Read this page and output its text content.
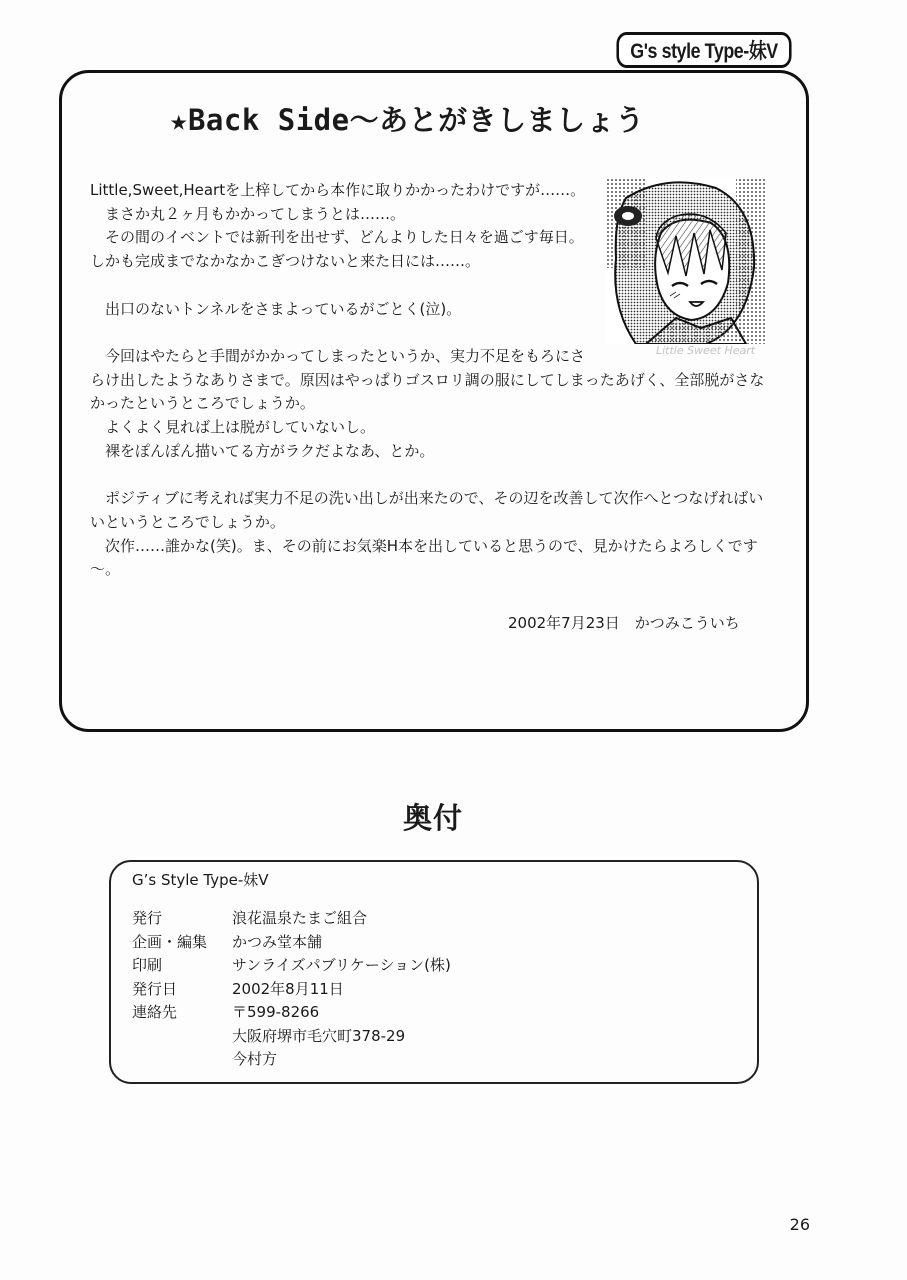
G's style Type-妹V
★Back Side～あとがきしましょう
Little Sweet Heart

Little,Sweet,Heartを上梓してから本作に取りかかったわけですが……。

　まさか丸２ヶ月もかかってしまうとは……。

　その間のイベントでは新刊を出せず、どんよりした日々を過ごす毎日。

しかも完成までなかなかこぎつけないと来た日には……。

　出口のないトンネルをさまよっているがごとく(泣)。

　今回はやたらと手間がかかってしまったというか、実力不足をもろにさ

らけ出したようなありさまで。原因はやっぱりゴスロリ調の服にしてしまったあげく、全部脱がさな

かったというところでしょうか。

　よくよく見れば上は脱がしていないし。

　裸をぽんぽん描いてる方がラクだよなあ、とか。

　ポジティブに考えれば実力不足の洗い出しが出来たので、その辺を改善して次作へとつなげればい

いというところでしょうか。

　次作……誰かな(笑)。ま、その前にお気楽H本を出していると思うので、見かけたらよろしくです

～。

2002年7月23日　かつみこういち
奥付
G’s Style Type-妹V
発行	浪花温泉たまご組合
企画・編集	かつみ堂本舗
印刷	サンライズパブリケーション(株)
発行日	2002年8月11日
連絡先	〒599-8266
大阪府堺市毛穴町378-29
今村方
26
